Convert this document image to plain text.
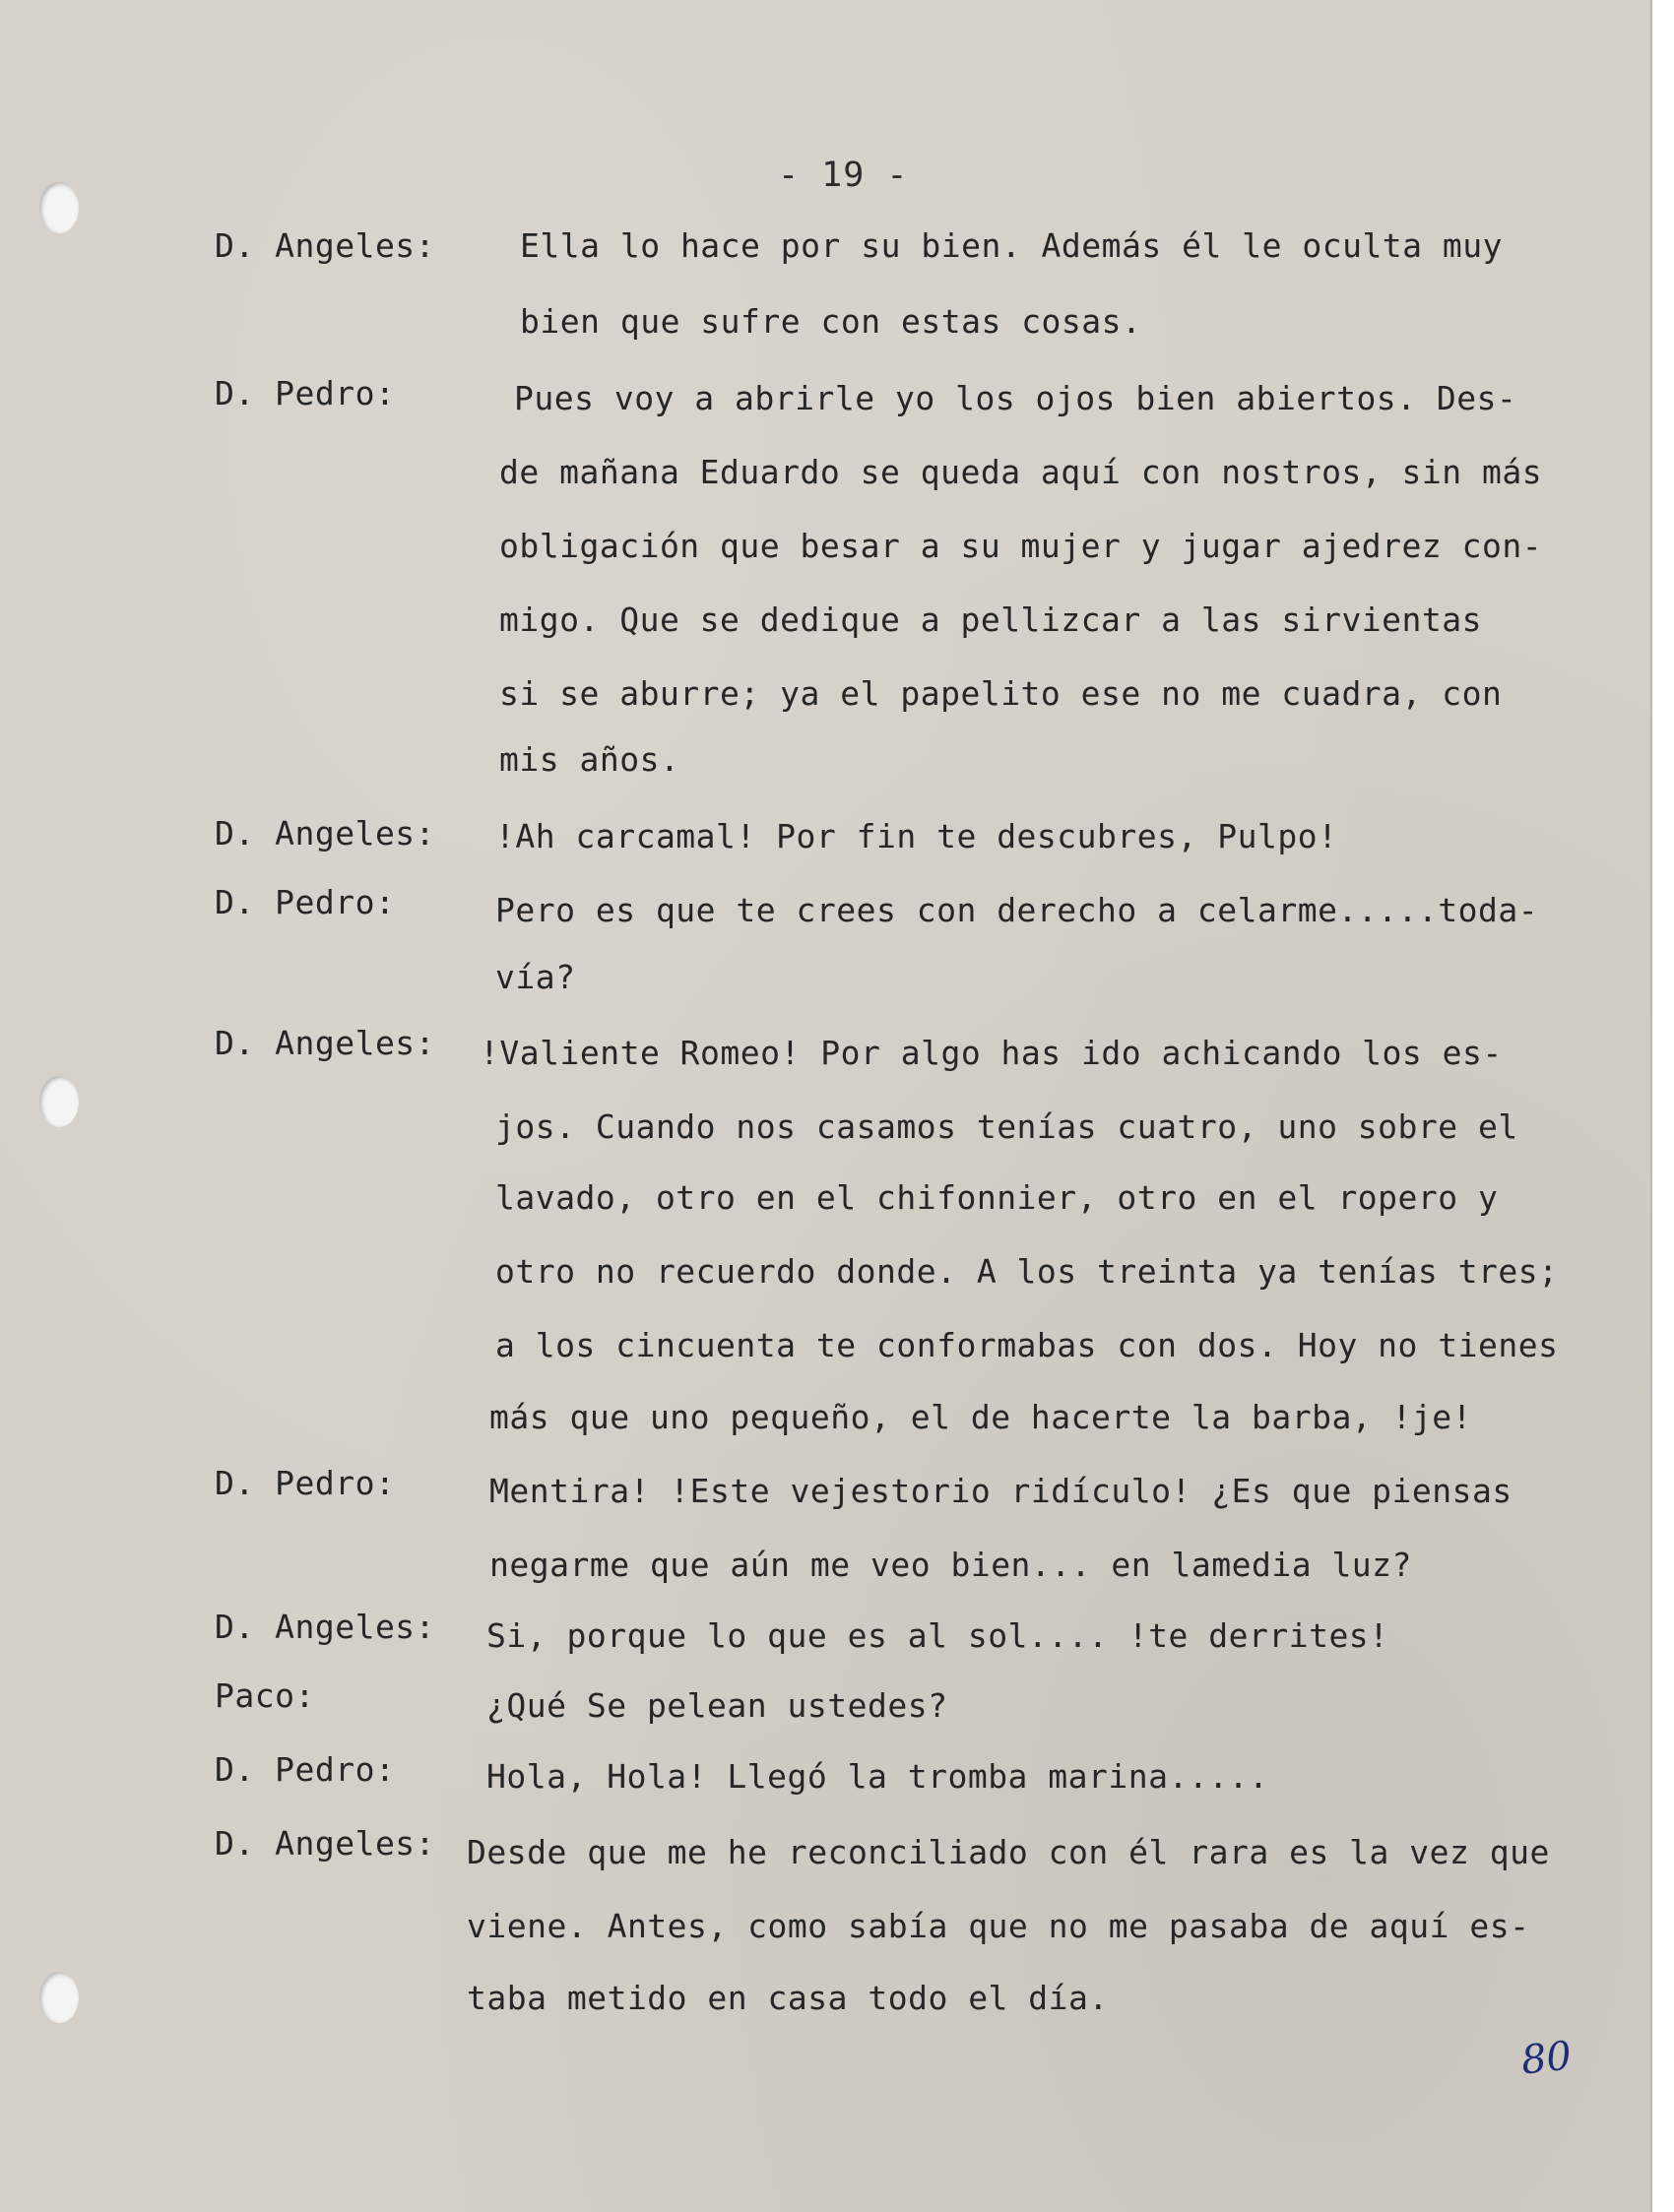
- 19 -
D. Angeles:	Ella lo hace por su bien. Además él le oculta muy
bien que sufre con estas cosas.
D. Pedro:	Pues voy a abrirle yo los ojos bien abiertos. Des-
de mañana Eduardo se queda aquí con nostros, sin más
obligación que besar a su mujer y jugar ajedrez con-
migo. Que se dedique a pellizcar a las sirvientas
si se aburre; ya el papelito ese no me cuadra, con
mis años.
D. Angeles: !Ah carcamal! Por fin te descubres, Pulpo!
D. Pedro:	Pero es que te crees con derecho a celarme.....toda-
vía?
D. Angeles: !Valiente Romeo! Por algo has ido achicando los es-
jos. Cuando nos casamos tenías cuatro, uno sobre el
lavado, otro en el chifonnier, otro en el ropero y
otro no recuerdo donde. A los treinta ya tenías tres;
a los cincuenta te conformabas con dos. Hoy no tienes
más que uno pequeño, el de hacerte la barba, !je!
D. Pedro:	Mentira! !Este vejestorio ridículo! ¿Es que piensas
negarme que aún me veo bien... en lamedia luz?
D. Angeles: Si, porque lo que es al sol.... !te derrites!
Paco:	¿Qué Se pelean ustedes?
D. Pedro:	Hola, Hola! Llegó la tromba marina.....
D. Angeles: Desde que me he reconciliado con él rara es la vez que
viene. Antes, como sabía que no me pasaba de aquí es-
taba metido en casa todo el día.
80
